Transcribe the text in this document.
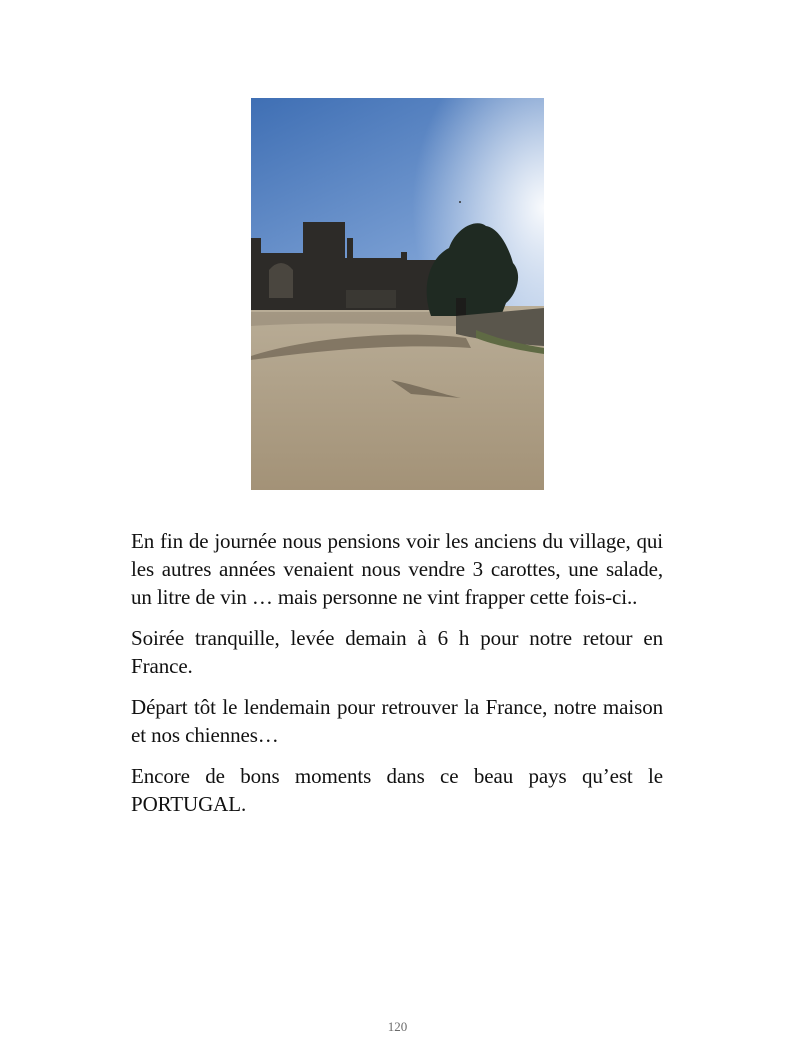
En fin de journée nous pensions voir les anciens du village, qui les autres années venaient nous vendre 3 carottes, une salade, un litre de vin … mais personne ne vint frapper cette fois-ci..

Soirée tranquille, levée demain à 6 h pour notre retour en France.

Départ tôt le lendemain pour retrouver la France, notre maison et nos chiennes…

Encore de bons moments dans ce beau pays qu’est le PORTUGAL.

120
